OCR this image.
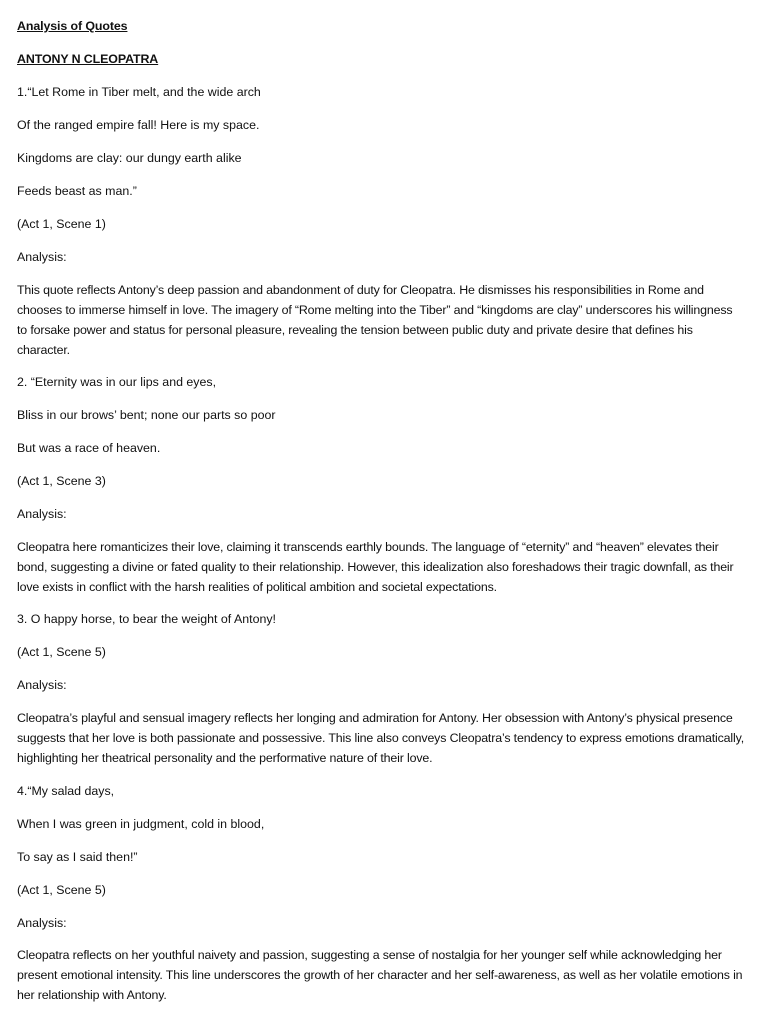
Analysis of Quotes
ANTONY N CLEOPATRA
1.“Let Rome in Tiber melt, and the wide arch
Of the ranged empire fall! Here is my space.
Kingdoms are clay: our dungy earth alike
Feeds beast as man.”
(Act 1, Scene 1)
Analysis:
This quote reflects Antony’s deep passion and abandonment of duty for Cleopatra. He dismisses his responsibilities in Rome and chooses to immerse himself in love. The imagery of “Rome melting into the Tiber” and “kingdoms are clay” underscores his willingness to forsake power and status for personal pleasure, revealing the tension between public duty and private desire that defines his character.
2. “Eternity was in our lips and eyes,
Bliss in our brows’ bent; none our parts so poor
But was a race of heaven.
(Act 1, Scene 3)
Analysis:
Cleopatra here romanticizes their love, claiming it transcends earthly bounds. The language of “eternity” and “heaven” elevates their bond, suggesting a divine or fated quality to their relationship. However, this idealization also foreshadows their tragic downfall, as their love exists in conflict with the harsh realities of political ambition and societal expectations.
3. O happy horse, to bear the weight of Antony!
(Act 1, Scene 5)
Analysis:
Cleopatra’s playful and sensual imagery reflects her longing and admiration for Antony. Her obsession with Antony’s physical presence suggests that her love is both passionate and possessive. This line also conveys Cleopatra’s tendency to express emotions dramatically, highlighting her theatrical personality and the performative nature of their love.
4.“My salad days,
When I was green in judgment, cold in blood,
To say as I said then!”
(Act 1, Scene 5)
Analysis:
Cleopatra reflects on her youthful naivety and passion, suggesting a sense of nostalgia for her younger self while acknowledging her present emotional intensity. This line underscores the growth of her character and her self-awareness, as well as her volatile emotions in her relationship with Antony.
